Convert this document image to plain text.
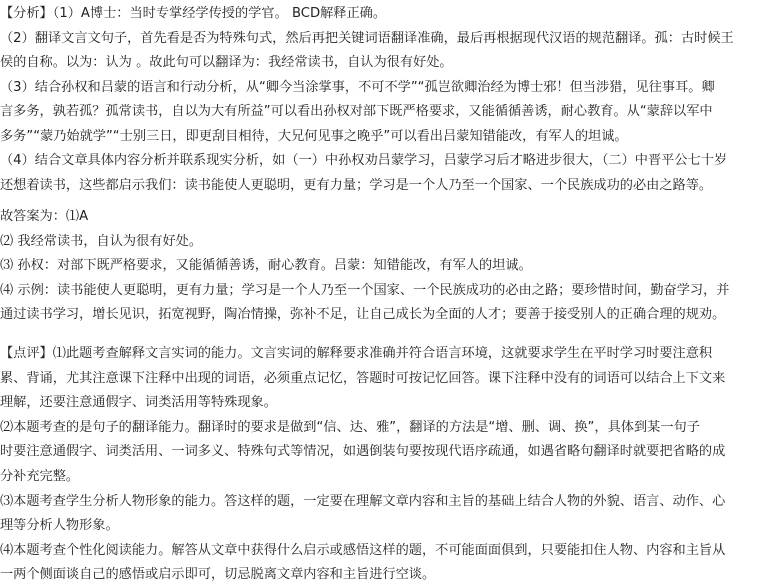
【分析】（1）A博士：当时专掌经学传授的学官。 BCD解释正确。

（2）翻译文言文句子，首先看是否为特殊句式，然后再把关键词语翻译准确，最后再根据现代汉语的规范翻译。孤：古时候王

侯的自称。以为：认为 。故此句可以翻译为：我经常读书，自认为很有好处。

（3）结合孙权和吕蒙的语言和行动分析，从“卿今当涂掌事，不可不学”“孤岂欲卿治经为博士邪！但当涉猎，见往事耳。卿

言多务，孰若孤？孤常读书，自以为大有所益”可以看出孙权对部下既严格要求，又能循循善诱，耐心教育。从“蒙辞以军中

多务”“蒙乃始就学”“士别三日，即更刮目相待，大兄何见事之晚乎”可以看出吕蒙知错能改，有军人的坦诚。

（4）结合文章具体内容分析并联系现实分析，如（一）中孙权劝吕蒙学习，吕蒙学习后才略进步很大，（二）中晋平公七十岁

还想着读书，这些都启示我们：读书能使人更聪明，更有力量；学习是一个人乃至一个国家、一个民族成功的必由之路等。

故答案为：⑴A

⑵ 我经常读书，自认为很有好处。

⑶ 孙权：对部下既严格要求，又能循循善诱，耐心教育。吕蒙：知错能改，有军人的坦诚。

⑷ 示例：读书能使人更聪明，更有力量；学习是一个人乃至一个国家、一个民族成功的必由之路；要珍惜时间，勤奋学习，并

通过读书学习，增长见识，拓宽视野，陶冶情操，弥补不足，让自己成长为全面的人才；要善于接受别人的正确合理的规劝。

【点评】⑴此题考查解释文言实词的能力。文言实词的解释要求准确并符合语言环境，这就要求学生在平时学习时要注意积

累、背诵，尤其注意课下注释中出现的词语，必须重点记忆，答题时可按记忆回答。课下注释中没有的词语可以结合上下文来

理解，还要注意通假字、词类活用等特殊现象。

⑵本题考查的是句子的翻译能力。翻译时的要求是做到“信、达、雅”，翻译的方法是“增、删、调、换”，具体到某一句子

时要注意通假字、词类活用、一词多义、特殊句式等情况，如遇倒装句要按现代语序疏通，如遇省略句翻译时就要把省略的成

分补充完整。

⑶本题考查学生分析人物形象的能力。答这样的题，一定要在理解文章内容和主旨的基础上结合人物的外貌、语言、动作、心

理等分析人物形象。

⑷本题考查个性化阅读能力。解答从文章中获得什么启示或感悟这样的题，不可能面面俱到，只要能扣住人物、内容和主旨从

一两个侧面谈自己的感悟或启示即可，切忌脱离文章内容和主旨进行空谈。
